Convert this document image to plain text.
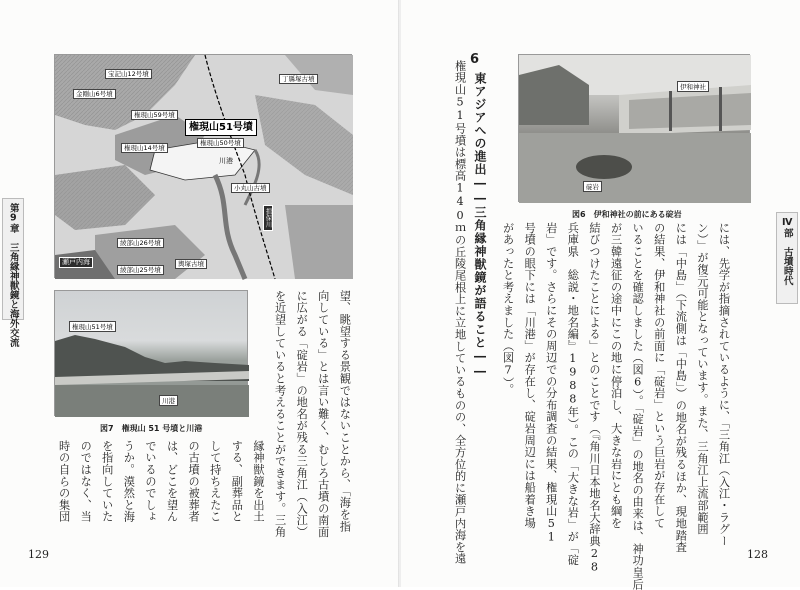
第9章　三角縁神獣鏡と海外交流
宝記山12号墳
金剛山6号墳
丁縣塚古墳
権現山59号墳
権現山51号墳
権現山14号墳
権現山50号墳
川港
小丸山古墳
揖保川
瀬戸内海
綾部山26号墳
綾部山25号墳
輿塚古墳
権現山51号墳
川港
図7　権現山 51 号墳と川港	望、眺望する景観ではないことから、「海を指
向している」とは言い難く、むしろ古墳の南面
に広がる「碇岩」の地名が残る三角江（入江）
を近望していると考えることができます。三角
縁神獣鏡を出土
する、副葬品と
して持ちえたこ
の古墳の被葬者
は、どこを望ん
でいるのでしょ
うか。漠然と海
を指向していた
のではなく、当
時の自らの集団
129	128
Ⅳ部　古墳時代
6
東アジアへの進出――三角縁神獣鏡が語ること――
権現山51号墳は標高140ｍの丘陵尾根上に立地しているものの、全方位的に瀬戸内海を遠	伊和神社
碇岩
図6　伊和神社の前にある碇岩
には、先学が指摘されているように、「三角江（入江・ラグー
ン）」が復元可能となっています。また、三角江上流部範囲
には「中島」（下流側は「中島」）の地名が残るほか、現地踏査
の結果、伊和神社の前面に「碇岩」という巨岩が存在して
いることを確認しました（図6）。「碇岩」の地名の由来は、神功皇后
が三韓遠征の途中にこの地に停泊し、大きな岩にとも綱を
結びつけたことによる」とのことです（『角川日本地名大辞典28
兵庫県　総説・地名編』1988年）。この「大きな岩」が「碇
岩」です。さらにその周辺での分布調査の結果、権現山51
号墳の眼下には「川港」が存在し、碇岩周辺には船着き場
があったと考えました（図7）。
